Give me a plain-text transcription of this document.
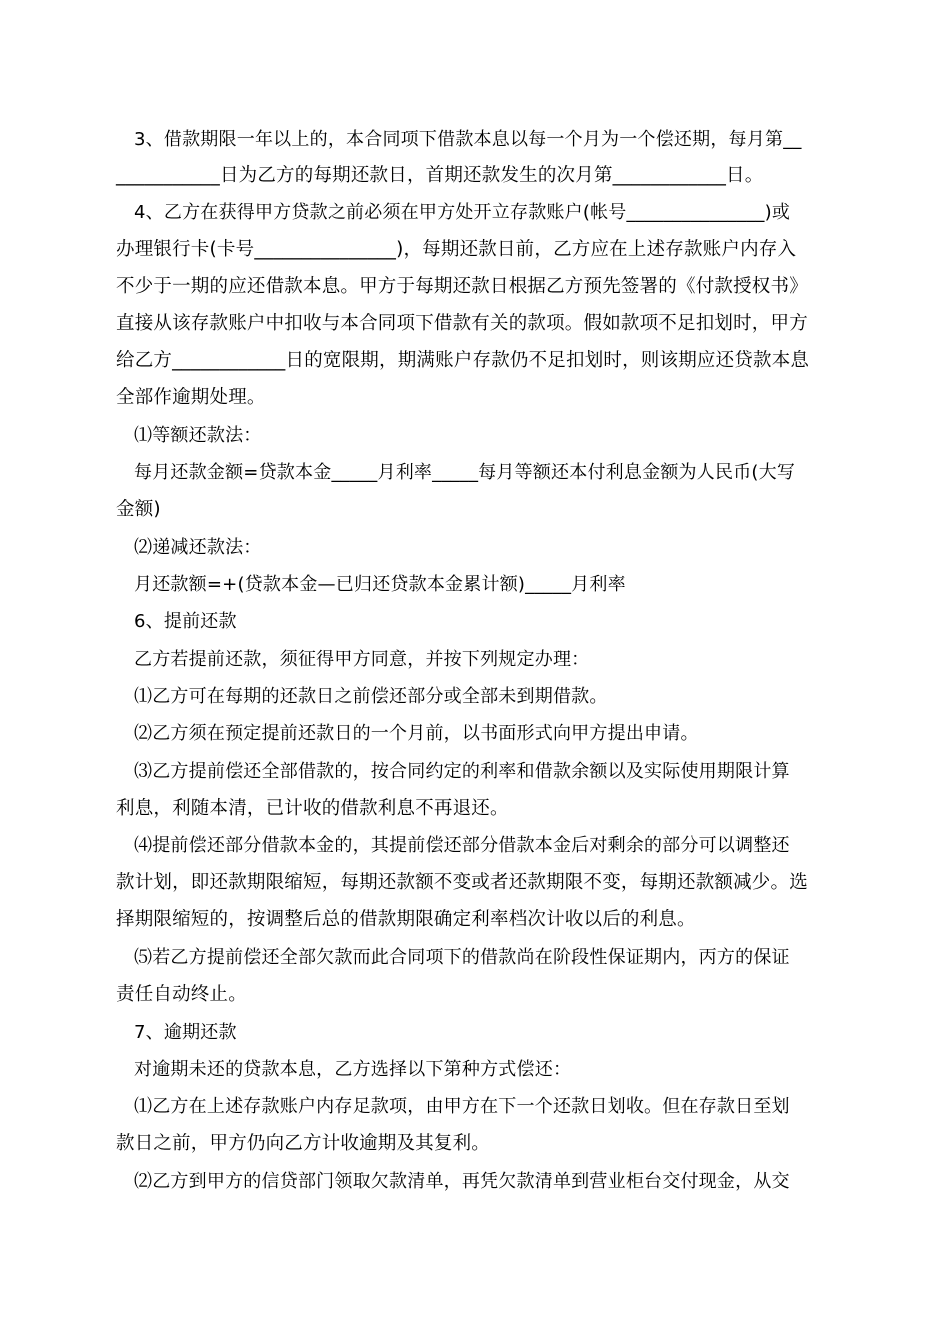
3、借款期限一年以上的，本合同项下借款本息以每一个月为一个偿还期，每月第__
___________日为乙方的每期还款日，首期还款发生的次月第____________日。
4、乙方在获得甲方贷款之前必须在甲方处开立存款账户(帐号_______________)或
办理银行卡(卡号_______________)，每期还款日前，乙方应在上述存款账户内存入
不少于一期的应还借款本息。甲方于每期还款日根据乙方预先签署的《付款授权书》
直接从该存款账户中扣收与本合同项下借款有关的款项。假如款项不足扣划时，甲方
给乙方____________日的宽限期，期满账户存款仍不足扣划时，则该期应还贷款本息
全部作逾期处理。
⑴等额还款法：
每月还款金额=贷款本金_____月利率_____每月等额还本付利息金额为人民币(大写
金额)
⑵递减还款法：
月还款额=+(贷款本金—已归还贷款本金累计额)_____月利率
6、提前还款
乙方若提前还款，须征得甲方同意，并按下列规定办理：
⑴乙方可在每期的还款日之前偿还部分或全部未到期借款。
⑵乙方须在预定提前还款日的一个月前，以书面形式向甲方提出申请。
⑶乙方提前偿还全部借款的，按合同约定的利率和借款余额以及实际使用期限计算
利息，利随本清，已计收的借款利息不再退还。
⑷提前偿还部分借款本金的，其提前偿还部分借款本金后对剩余的部分可以调整还
款计划，即还款期限缩短，每期还款额不变或者还款期限不变，每期还款额减少。选
择期限缩短的，按调整后总的借款期限确定利率档次计收以后的利息。
⑸若乙方提前偿还全部欠款而此合同项下的借款尚在阶段性保证期内，丙方的保证
责任自动终止。
7、逾期还款
对逾期未还的贷款本息，乙方选择以下第种方式偿还：
⑴乙方在上述存款账户内存足款项，由甲方在下一个还款日划收。但在存款日至划
款日之前，甲方仍向乙方计收逾期及其复利。
⑵乙方到甲方的信贷部门领取欠款清单，再凭欠款清单到营业柜台交付现金，从交
